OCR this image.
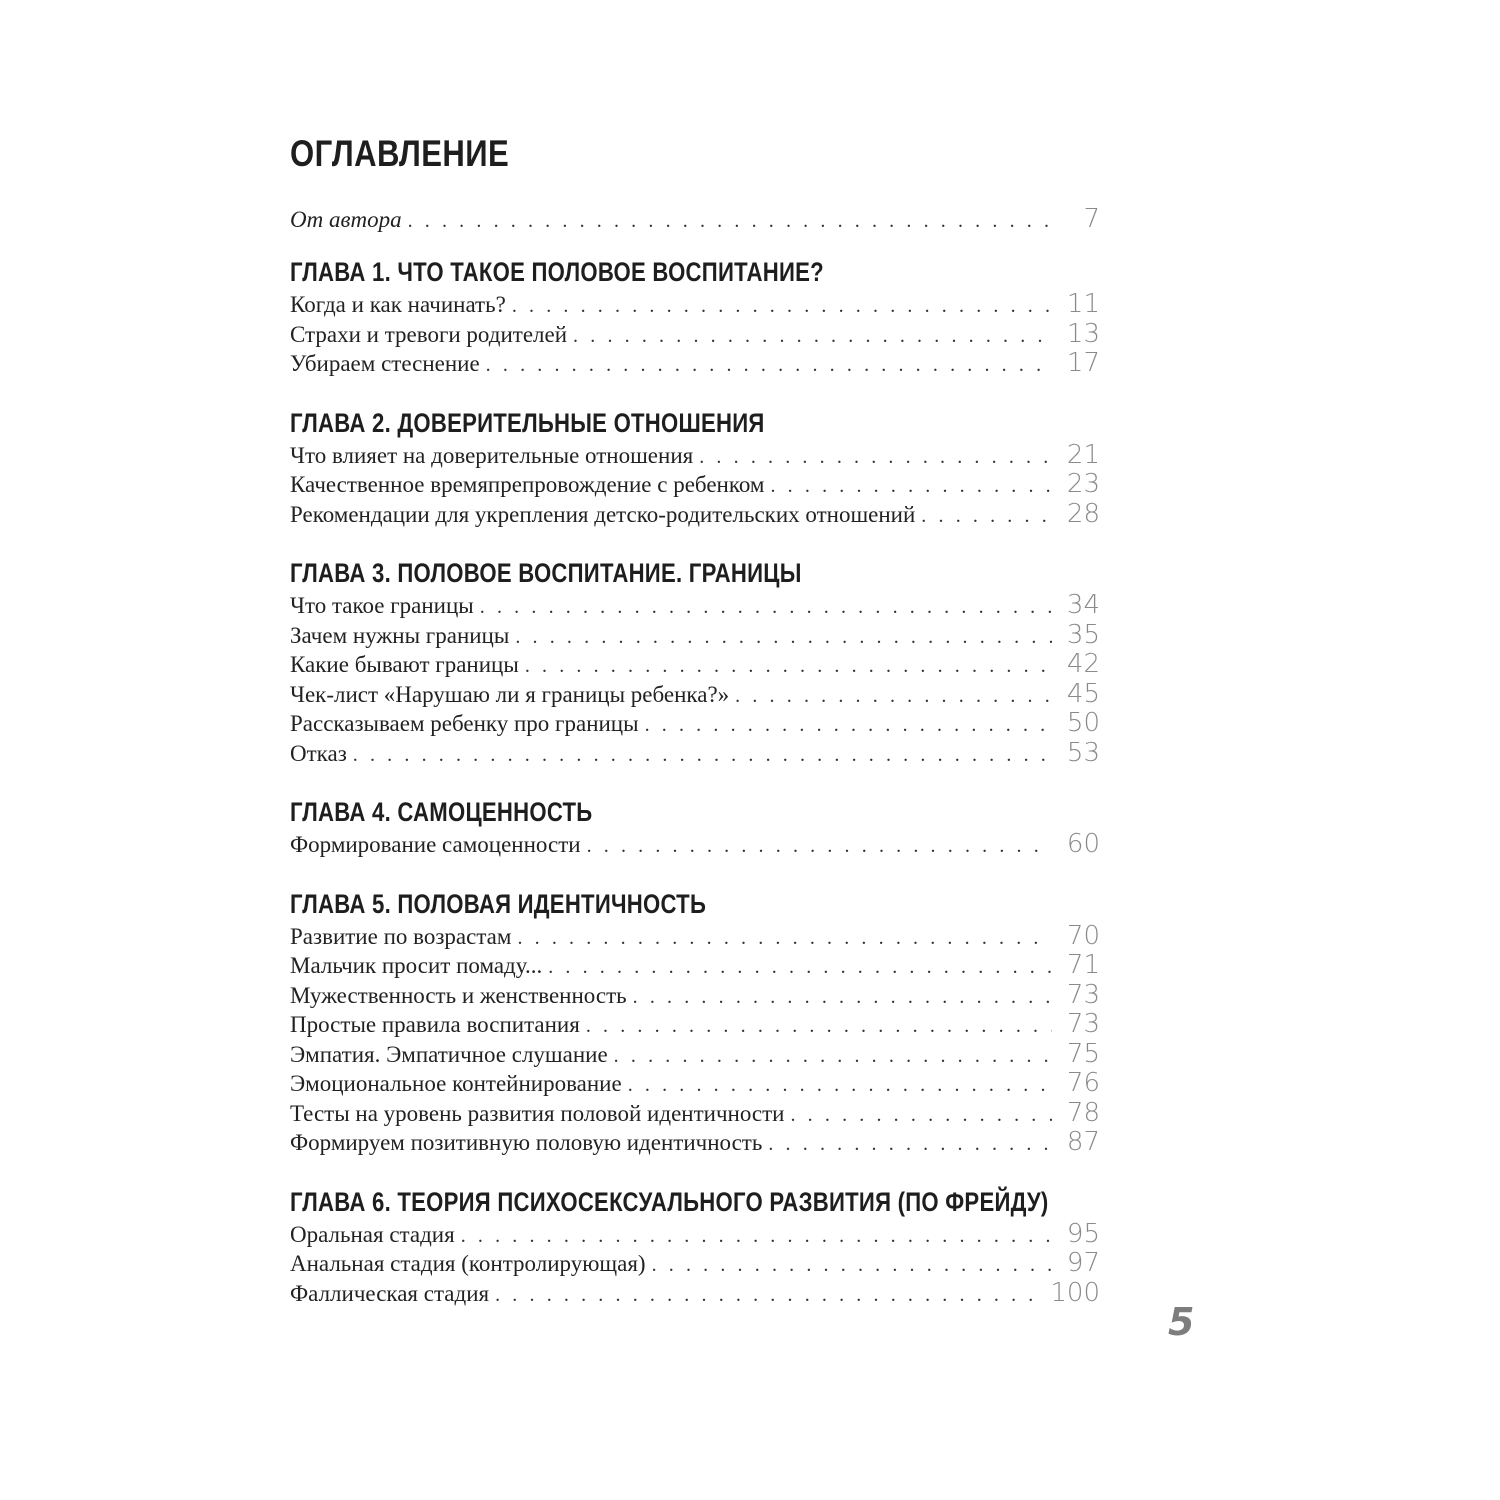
ОГЛАВЛЕНИЕ
От автора . . .	7
ГЛАВА 1. ЧТО ТАКОЕ ПОЛОВОЕ ВОСПИТАНИЕ?
Когда и как начинать? . . .	11
Страхи и тревоги родителей . . .	13
Убираем стеснение . . .	17
ГЛАВА 2. ДОВЕРИТЕЛЬНЫЕ ОТНОШЕНИЯ
Что влияет на доверительные отношения . . .	21
Качественное времяпрепровождение с ребенком . . .	23
Рекомендации для укрепления детско-родительских отношений . . .	28
ГЛАВА 3. ПОЛОВОЕ ВОСПИТАНИЕ. ГРАНИЦЫ
Что такое границы . . .	34
Зачем нужны границы . . .	35
Какие бывают границы . . .	42
Чек-лист «Нарушаю ли я границы ребенка?» . . .	45
Рассказываем ребенку про границы . . .	50
Отказ . . .	53
ГЛАВА 4. САМОЦЕННОСТЬ
Формирование самоценности . . .	60
ГЛАВА 5. ПОЛОВАЯ ИДЕНТИЧНОСТЬ
Развитие по возрастам . . .	70
Мальчик просит помаду... . . .	71
Мужественность и женственность . . .	73
Простые правила воспитания . . .	73
Эмпатия. Эмпатичное слушание . . .	75
Эмоциональное контейнирование . . .	76
Тесты на уровень развития половой идентичности . . .	78
Формируем позитивную половую идентичность . . .	87
ГЛАВА 6. ТЕОРИЯ ПСИХОСЕКСУАЛЬНОГО РАЗВИТИЯ (ПО ФРЕЙДУ)
Оральная стадия . . .	95
Анальная стадия (контролирующая) . . .	97
Фаллическая стадия . . .	100
5
